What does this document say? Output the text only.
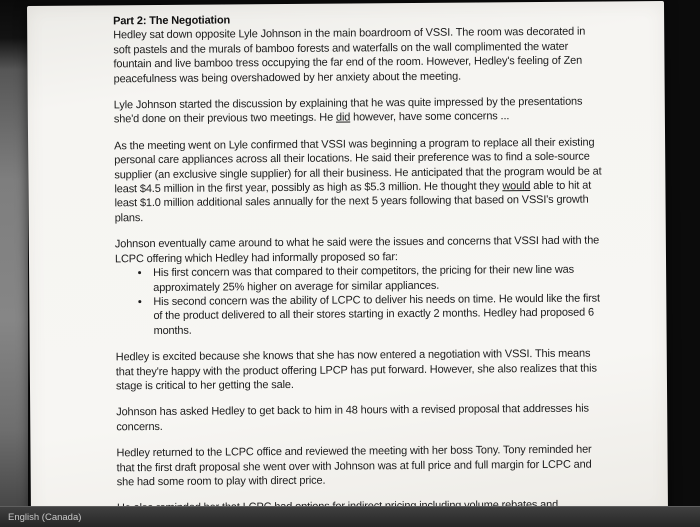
Part 2: The Negotiation

Hedley sat down opposite Lyle Johnson in the main boardroom of VSSI. The room was decorated in soft pastels and the murals of bamboo forests and waterfalls on the wall complimented the water fountain and live bamboo tress occupying the far end of the room. However, Hedley's feeling of Zen peacefulness was being overshadowed by her anxiety about the meeting.

Lyle Johnson started the discussion by explaining that he was quite impressed by the presentations she'd done on their previous two meetings. He did however, have some concerns ...

As the meeting went on Lyle confirmed that VSSI was beginning a program to replace all their existing personal care appliances across all their locations. He said their preference was to find a sole-source supplier (an exclusive single supplier) for all their business. He anticipated that the program would be at least $4.5 million in the first year, possibly as high as $5.3 million. He thought they would able to hit at least $1.0 million additional sales annually for the next 5 years following that based on VSSI's growth plans.

Johnson eventually came around to what he said were the issues and concerns that VSSI had with the LCPC offering which Hedley had informally proposed so far:

• His first concern was that compared to their competitors, the pricing for their new line was approximately 25% higher on average for similar appliances.
• His second concern was the ability of LCPC to deliver his needs on time. He would like the first of the product delivered to all their stores starting in exactly 2 months. Hedley had proposed 6 months.

Hedley is excited because she knows that she has now entered a negotiation with VSSI. This means that they're happy with the product offering LPCP has put forward. However, she also realizes that this stage is critical to her getting the sale.

Johnson has asked Hedley to get back to him in 48 hours with a revised proposal that addresses his concerns.

Hedley returned to the LCPC office and reviewed the meeting with her boss Tony. Tony reminded her that the first draft proposal she went over with Johnson was at full price and full margin for LCPC and she had some room to play with direct price.

English (Canada)
